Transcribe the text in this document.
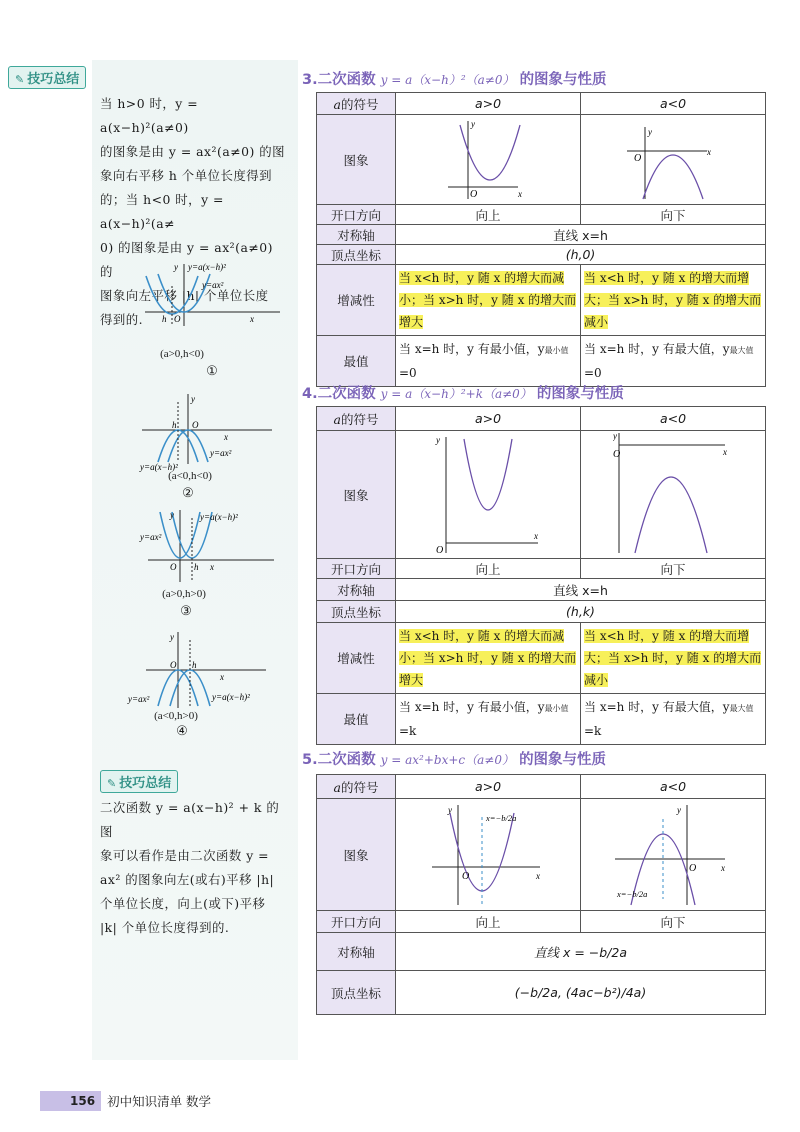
✎ 技巧总结
当 h>0 时，y = a(x−h)²(a≠0)
的图象是由 y = ax²(a≠0) 的图
象向右平移 h 个单位长度得到
的；当 h<0 时，y = a(x−h)²(a≠
0) 的图象是由 y = ax²(a≠0) 的
图象向左平移 |h| 个单位长度
得到的.
y=a(x−h)²
y=ax²
h O	x
y
(a>0,h<0)
①
h O
x
y
y=ax²
y=a(x−h)²
(a<0,h<0)
②
y=a(x−h)²
y=ax²
O h x
y
(a>0,h>0)
③
O h
x
y
y=ax²	y=a(x−h)²
(a<0,h>0)
④
✎ 技巧总结
二次函数 y = a(x−h)² + k 的图
象可以看作是由二次函数 y =
ax² 的图象向左(或右)平移 |h|
个单位长度，向上(或下)平移
|k| 个单位长度得到的.
3.二次函数 y = a（x−h）²（a≠0） 的图象与性质
a的符号	a>0	a<0
图象	O x
y	O
x
y

开口方向	向上	向下
对称轴	直线 x=h	
顶点坐标	(h,0)	
增减性	当 x<h 时，y 随 x 的增大而减小；当 x>h 时，y 随 x 的增大而增大	当 x<h 时，y 随 x 的增大而增大；当 x>h 时，y 随 x 的增大而减小
最值	当 x=h 时，y 有最小值，y最小值=0	当 x=h 时，y 有最大值，y最大值=0
4.二次函数 y = a（x−h）²+k（a≠0） 的图象与性质
a的符号	a>0	a<0
图象	O
x
y	O x
y

开口方向	向上	向下
对称轴	直线 x=h	
顶点坐标	(h,k)	
增减性	当 x<h 时，y 随 x 的增大而减小；当 x>h 时，y 随 x 的增大而增大	当 x<h 时，y 随 x 的增大而增大；当 x>h 时，y 随 x 的增大而减小
最值	当 x=h 时，y 有最小值，y最小值=k	当 x=h 时，y 有最大值，y最大值=k
5.二次函数 y = ax²+bx+c（a≠0） 的图象与性质
a的符号	a>0	a<0
图象	x=−b/2a
O x
y	x=−b/2a
O x
y

开口方向	向上	向下
对称轴	直线 x = −b/2a	
顶点坐标	(−b/2a, (4ac−b²)/4a)	
156 初中知识清单 数学
